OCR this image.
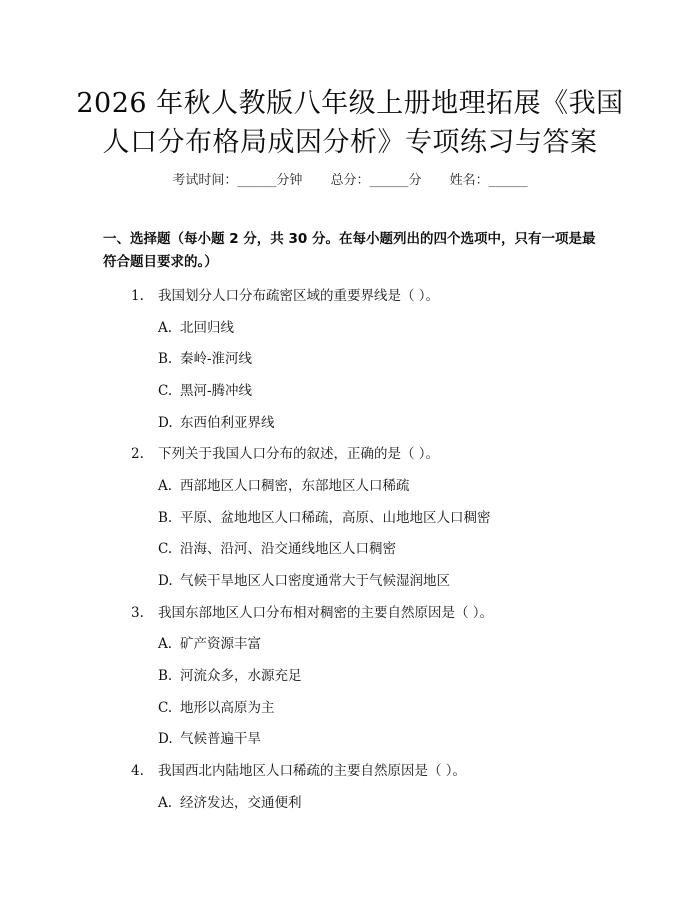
2026 年秋人教版八年级上册地理拓展《我国
人口分布格局成因分析》专项练习与答案
考试时间：______分钟 总分：______分 姓名：______
一、选择题（每小题 2 分，共 30 分。在每小题列出的四个选项中，只有一项是最符合题目要求的。）
1. 我国划分人口分布疏密区域的重要界线是（ ）。
A. 北回归线
B. 秦岭-淮河线
C. 黑河-腾冲线
D. 东西伯利亚界线
2. 下列关于我国人口分布的叙述，正确的是（ ）。
A. 西部地区人口稠密，东部地区人口稀疏
B. 平原、盆地地区人口稀疏，高原、山地地区人口稠密
C. 沿海、沿河、沿交通线地区人口稠密
D. 气候干旱地区人口密度通常大于气候湿润地区
3. 我国东部地区人口分布相对稠密的主要自然原因是（ ）。
A. 矿产资源丰富
B. 河流众多，水源充足
C. 地形以高原为主
D. 气候普遍干旱
4. 我国西北内陆地区人口稀疏的主要自然原因是（ ）。
A. 经济发达，交通便利
